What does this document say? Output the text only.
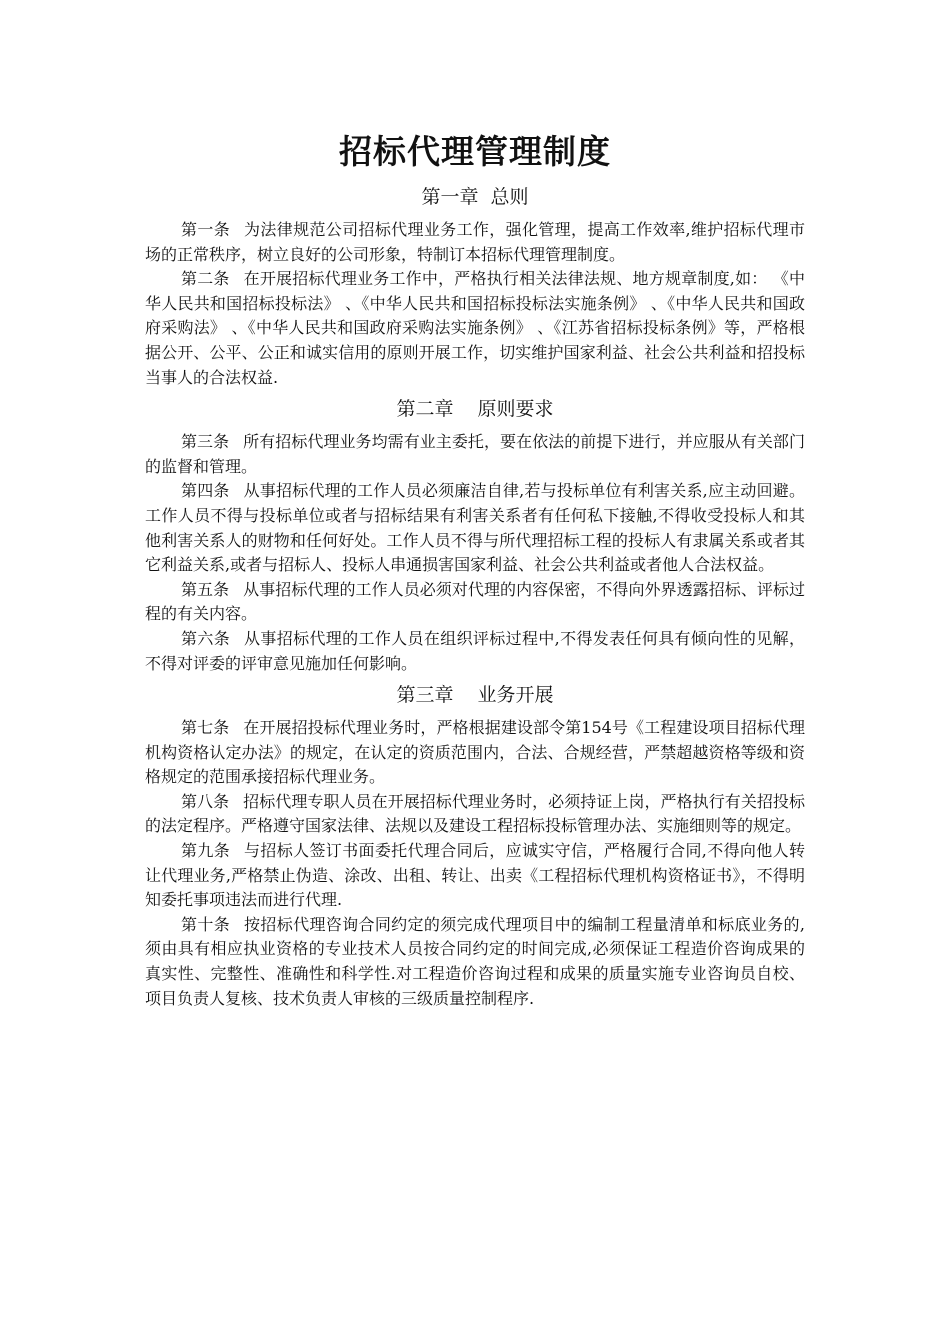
招标代理管理制度
第一章 总则

第一条 为法律规范公司招标代理业务工作，强化管理，提高工作效率,维护招标代理市场的正常秩序，树立良好的公司形象，特制订本招标代理管理制度。

第二条 在开展招标代理业务工作中，严格执行相关法律法规、地方规章制度,如： 《中华人民共和国招标投标法》 、《中华人民共和国招标投标法实施条例》 、《中华人民共和国政府采购法》 、《中华人民共和国政府采购法实施条例》 、《江苏省招标投标条例》等，严格根据公开、公平、公正和诚实信用的原则开展工作，切实维护国家利益、社会公共利益和招投标当事人的合法权益.

第二章 原则要求

第三条 所有招标代理业务均需有业主委托，要在依法的前提下进行，并应服从有关部门的监督和管理。

第四条 从事招标代理的工作人员必须廉洁自律,若与投标单位有利害关系,应主动回避。工作人员不得与投标单位或者与招标结果有利害关系者有任何私下接触,不得收受投标人和其他利害关系人的财物和任何好处。工作人员不得与所代理招标工程的投标人有隶属关系或者其它利益关系,或者与招标人、投标人串通损害国家利益、社会公共利益或者他人合法权益。

第五条 从事招标代理的工作人员必须对代理的内容保密，不得向外界透露招标、评标过程的有关内容。

第六条 从事招标代理的工作人员在组织评标过程中,不得发表任何具有倾向性的见解，不得对评委的评审意见施加任何影响。

第三章 业务开展

第七条 在开展招投标代理业务时，严格根据建设部令第154号《工程建设项目招标代理机构资格认定办法》的规定，在认定的资质范围内，合法、合规经营，严禁超越资格等级和资格规定的范围承接招标代理业务。

第八条 招标代理专职人员在开展招标代理业务时，必须持证上岗，严格执行有关招投标的法定程序。严格遵守国家法律、法规以及建设工程招标投标管理办法、实施细则等的规定。

第九条 与招标人签订书面委托代理合同后，应诚实守信，严格履行合同,不得向他人转让代理业务,严格禁止伪造、涂改、出租、转让、出卖《工程招标代理机构资格证书》，不得明知委托事项违法而进行代理.

第十条 按招标代理咨询合同约定的须完成代理项目中的编制工程量清单和标底业务的,须由具有相应执业资格的专业技术人员按合同约定的时间完成,必须保证工程造价咨询成果的真实性、完整性、准确性和科学性.对工程造价咨询过程和成果的质量实施专业咨询员自校、项目负责人复核、技术负责人审核的三级质量控制程序.
